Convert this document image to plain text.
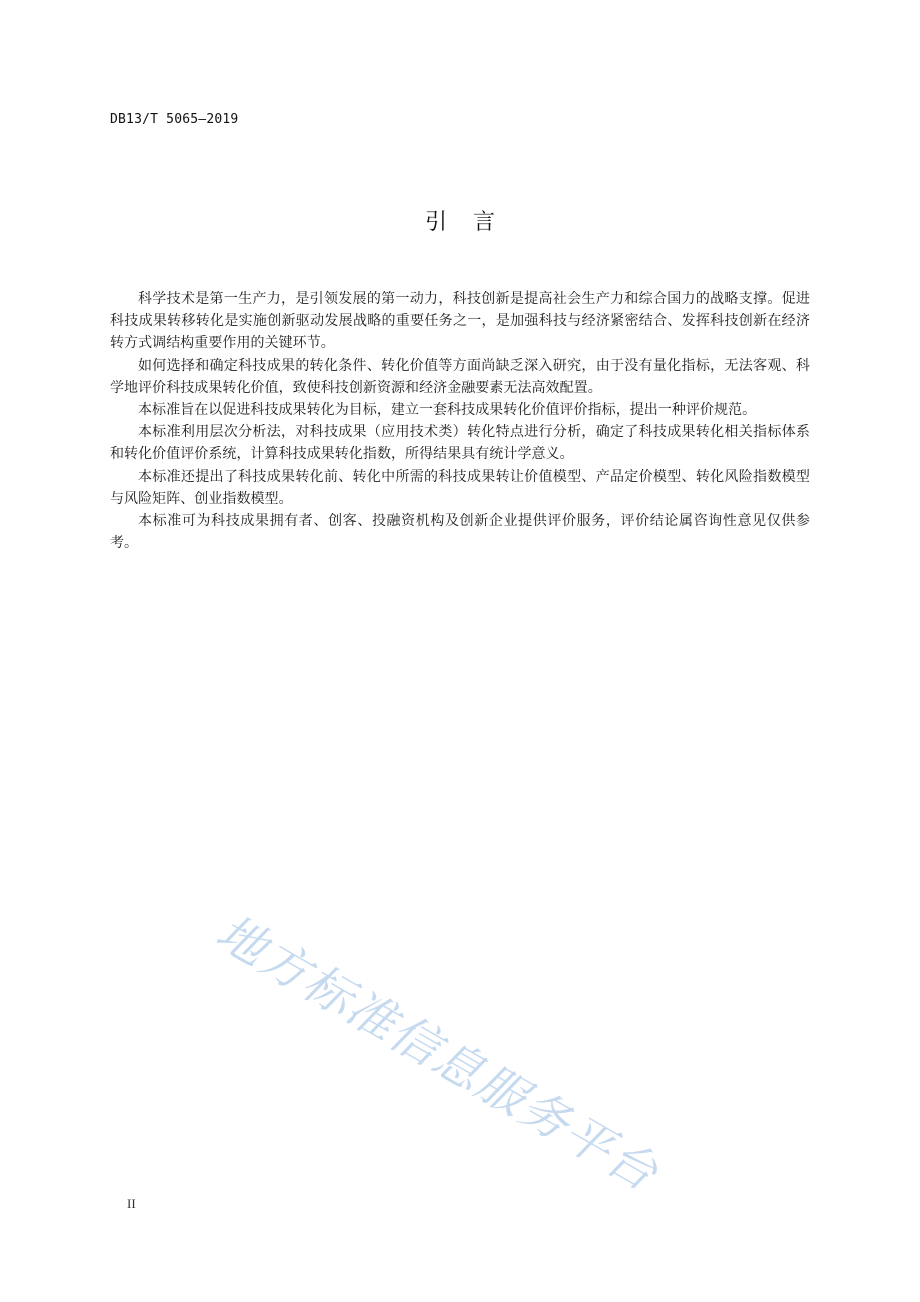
DB13/T 5065—2019
引言

科学技术是第一生产力，是引领发展的第一动力，科技创新是提高社会生产力和综合国力的战略支撑。促进科技成果转移转化是实施创新驱动发展战略的重要任务之一，是加强科技与经济紧密结合、发挥科技创新在经济转方式调结构重要作用的关键环节。

如何选择和确定科技成果的转化条件、转化价值等方面尚缺乏深入研究，由于没有量化指标，无法客观、科学地评价科技成果转化价值，致使科技创新资源和经济金融要素无法高效配置。

本标准旨在以促进科技成果转化为目标，建立一套科技成果转化价值评价指标，提出一种评价规范。

本标准利用层次分析法，对科技成果（应用技术类）转化特点进行分析，确定了科技成果转化相关指标体系和转化价值评价系统，计算科技成果转化指数，所得结果具有统计学意义。

本标准还提出了科技成果转化前、转化中所需的科技成果转让价值模型、产品定价模型、转化风险指数模型与风险矩阵、创业指数模型。

本标准可为科技成果拥有者、创客、投融资机构及创新企业提供评价服务，评价结论属咨询性意见仅供参考。

地方标准信息服务平台
II
